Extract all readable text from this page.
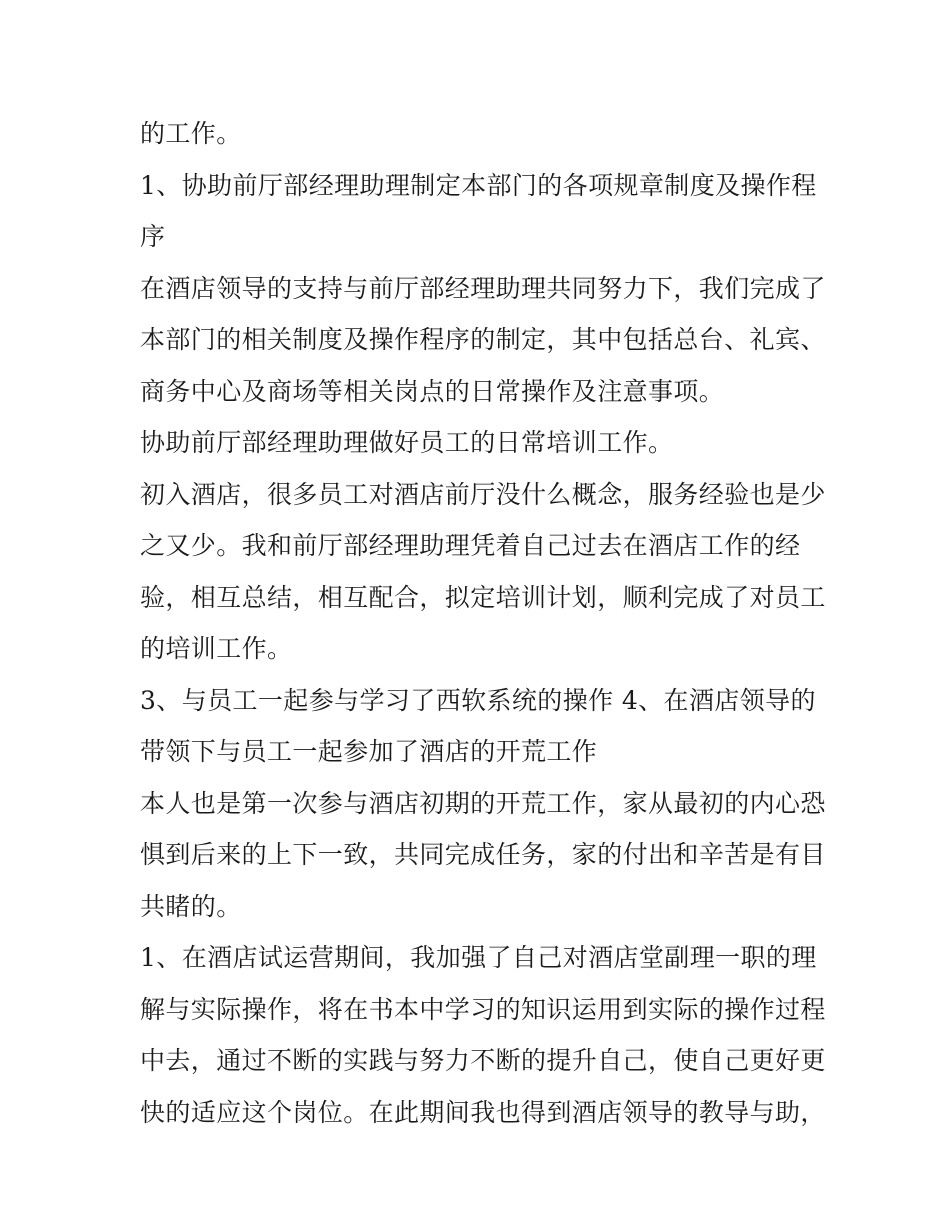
的工作。
1、协助前厅部经理助理制定本部门的各项规章制度及操作程
序
在酒店领导的支持与前厅部经理助理共同努力下，我们完成了
本部门的相关制度及操作程序的制定，其中包括总台、礼宾、
商务中心及商场等相关岗点的日常操作及注意事项。
协助前厅部经理助理做好员工的日常培训工作。
初入酒店，很多员工对酒店前厅没什么概念，服务经验也是少
之又少。我和前厅部经理助理凭着自己过去在酒店工作的经
验，相互总结，相互配合，拟定培训计划，顺利完成了对员工
的培训工作。
3、与员工一起参与学习了西软系统的操作 4、在酒店领导的
带领下与员工一起参加了酒店的开荒工作
本人也是第一次参与酒店初期的开荒工作，家从最初的内心恐
惧到后来的上下一致，共同完成任务，家的付出和辛苦是有目
共睹的。
1、在酒店试运营期间，我加强了自己对酒店堂副理一职的理
解与实际操作，将在书本中学习的知识运用到实际的操作过程
中去，通过不断的实践与努力不断的提升自己，使自己更好更
快的适应这个岗位。在此期间我也得到酒店领导的教导与助，
